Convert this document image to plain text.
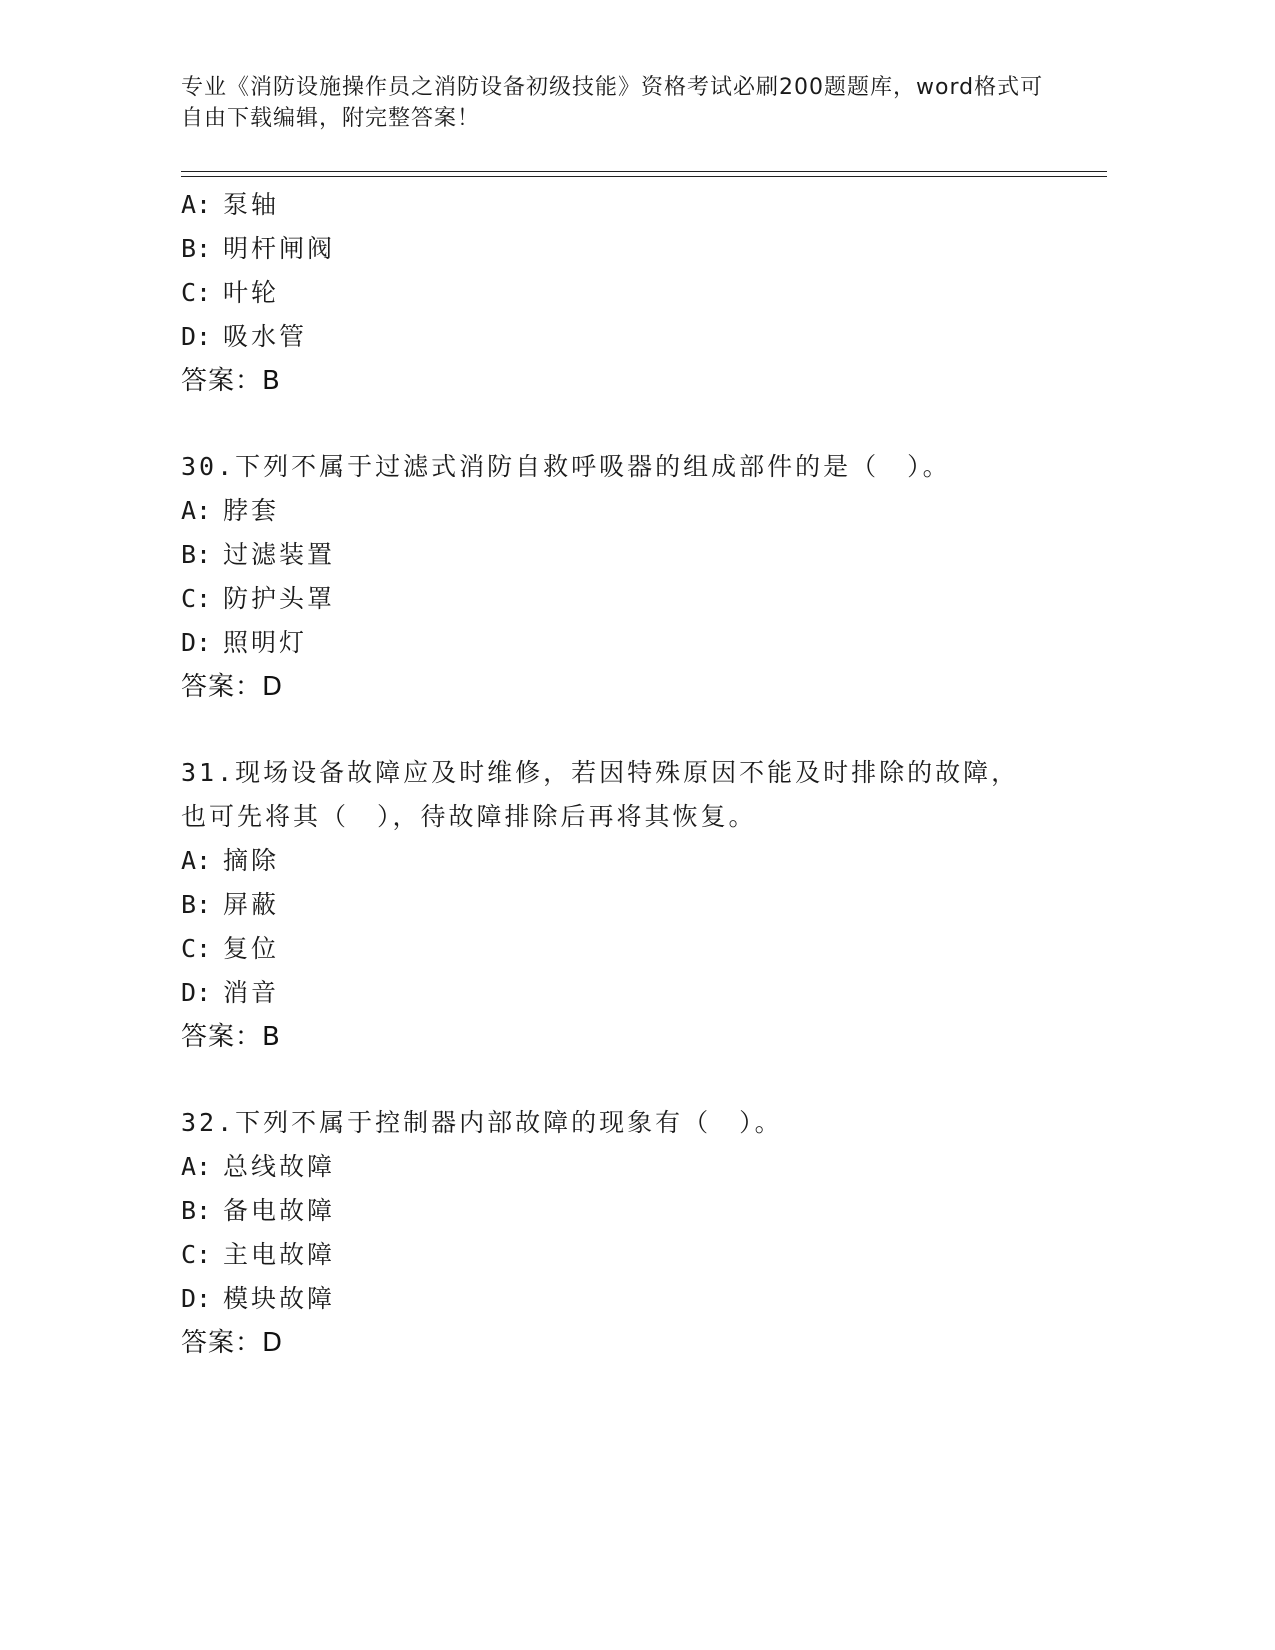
专业《消防设施操作员之消防设备初级技能》资格考试必刷200题题库，word格式可自由下载编辑，附完整答案！
A: 泵轴
B: 明杆闸阀
C: 叶轮
D: 吸水管
答案：B
30.下列不属于过滤式消防自救呼吸器的组成部件的是（　）。
A: 脖套
B: 过滤装置
C: 防护头罩
D: 照明灯
答案：D
31.现场设备故障应及时维修，若因特殊原因不能及时排除的故障，也可先将其（　），待故障排除后再将其恢复。
A: 摘除
B: 屏蔽
C: 复位
D: 消音
答案：B
32.下列不属于控制器内部故障的现象有（　）。
A: 总线故障
B: 备电故障
C: 主电故障
D: 模块故障
答案：D
